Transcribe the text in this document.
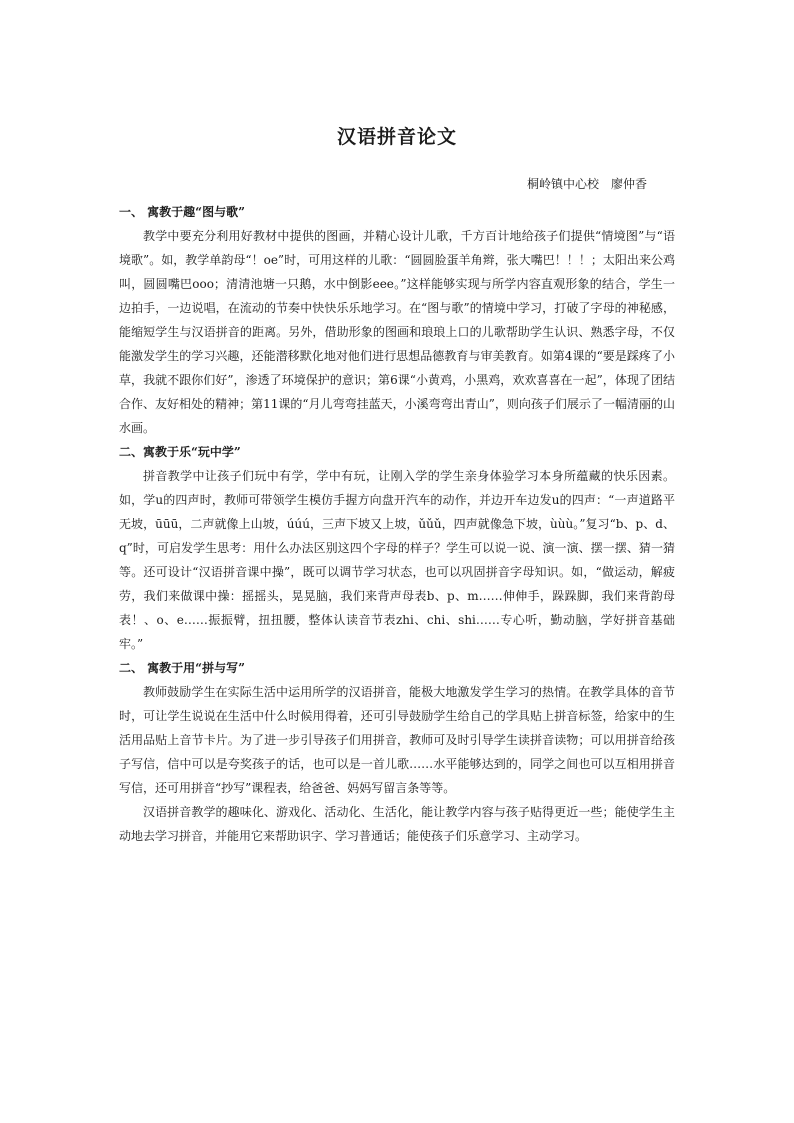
汉语拼音论文
桐岭镇中心校　廖仲香

一、 寓教于趣“图与歌”

教学中要充分利用好教材中提供的图画，并精心设计儿歌，千方百计地给孩子们提供“情境图”与“语境歌”。如，教学单韵母“！oe”时，可用这样的儿歌：“圆圆脸蛋羊角辫，张大嘴巴！！！；太阳出来公鸡叫，圆圆嘴巴ooo；清清池塘一只鹅，水中倒影eee。”这样能够实现与所学内容直观形象的结合，学生一边拍手，一边说唱，在流动的节奏中快快乐乐地学习。在“图与歌”的情境中学习，打破了字母的神秘感，能缩短学生与汉语拼音的距离。另外，借助形象的图画和琅琅上口的儿歌帮助学生认识、熟悉字母，不仅能激发学生的学习兴趣，还能潜移默化地对他们进行思想品德教育与审美教育。如第4课的“要是踩疼了小草，我就不跟你们好”，渗透了环境保护的意识；第6课“小黄鸡，小黑鸡，欢欢喜喜在一起”，体现了团结合作、友好相处的精神；第11课的“月儿弯弯挂蓝天，小溪弯弯出青山”，则向孩子们展示了一幅清丽的山水画。

二、寓教于乐“玩中学”

拼音教学中让孩子们玩中有学，学中有玩，让刚入学的学生亲身体验学习本身所蕴藏的快乐因素。如，学u的四声时，教师可带领学生模仿手握方向盘开汽车的动作，并边开车边发u的四声：“一声道路平无坡，ūūū，二声就像上山坡，úúú，三声下坡又上坡，ǔǔǔ，四声就像急下坡，ùùù。”复习“b、p、d、q”时，可启发学生思考：用什么办法区别这四个字母的样子？学生可以说一说、演一演、摆一摆、猜一猜等。还可设计“汉语拼音课中操”，既可以调节学习状态，也可以巩固拼音字母知识。如，“做运动，解疲劳，我们来做课中操：摇摇头，晃晃脑，我们来背声母表b、p、m……伸伸手，跺跺脚，我们来背韵母表！、o、e……振振臂，扭扭腰，整体认读音节表zhi、chi、shi……专心听，勤动脑，学好拼音基础牢。”

二、 寓教于用“拼与写”

教师鼓励学生在实际生活中运用所学的汉语拼音，能极大地激发学生学习的热情。在教学具体的音节时，可让学生说说在生活中什么时候用得着，还可引导鼓励学生给自己的学具贴上拼音标签，给家中的生活用品贴上音节卡片。为了进一步引导孩子们用拼音，教师可及时引导学生读拼音读物；可以用拼音给孩子写信，信中可以是夸奖孩子的话，也可以是一首儿歌……水平能够达到的，同学之间也可以互相用拼音写信，还可用拼音“抄写”课程表，给爸爸、妈妈写留言条等等。

汉语拼音教学的趣味化、游戏化、活动化、生活化，能让教学内容与孩子贴得更近一些；能使学生主动地去学习拼音，并能用它来帮助识字、学习普通话；能使孩子们乐意学习、主动学习。
